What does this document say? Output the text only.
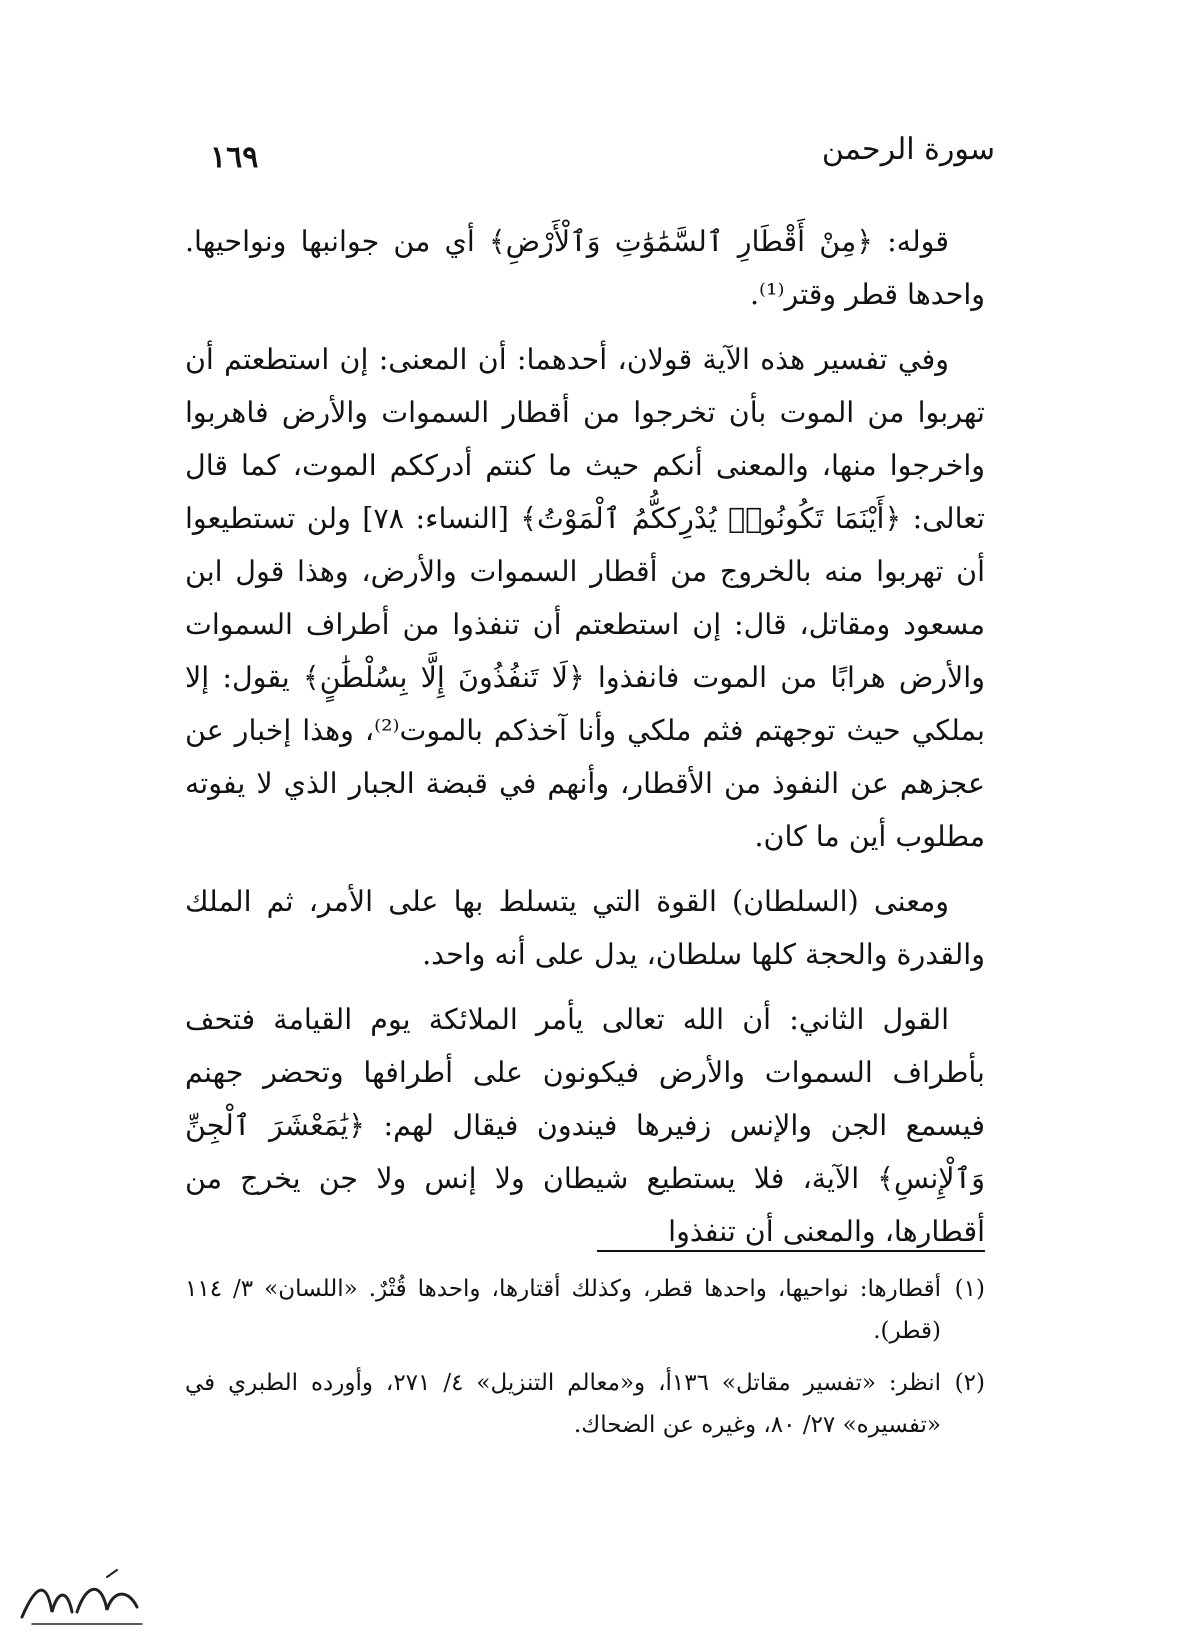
١٦٩	سورة الرحمن

قوله: ﴿مِنْ أَقْطَارِ ٱلسَّمَٰوَٰتِ وَٱلْأَرْضِ﴾ أي من جوانبها ونواحيها. واحدها قطر وقتر⁽¹⁾.

وفي تفسير هذه الآية قولان، أحدهما: أن المعنى: إن استطعتم أن تهربوا من الموت بأن تخرجوا من أقطار السموات والأرض فاهربوا واخرجوا منها، والمعنى أنكم حيث ما كنتم أدرككم الموت، كما قال تعالى: ﴿أَيْنَمَا تَكُونُوا۟ يُدْرِككُّمُ ٱلْمَوْتُ﴾ [النساء: ٧٨] ولن تستطيعوا أن تهربوا منه بالخروج من أقطار السموات والأرض، وهذا قول ابن مسعود ومقاتل، قال: إن استطعتم أن تنفذوا من أطراف السموات والأرض هرابًا من الموت فانفذوا ﴿لَا تَنفُذُونَ إِلَّا بِسُلْطَٰنٍ﴾ يقول: إلا بملكي حيث توجهتم فثم ملكي وأنا آخذكم بالموت⁽²⁾، وهذا إخبار عن عجزهم عن النفوذ من الأقطار، وأنهم في قبضة الجبار الذي لا يفوته مطلوب أين ما كان.

ومعنى (السلطان) القوة التي يتسلط بها على الأمر، ثم الملك والقدرة والحجة كلها سلطان، يدل على أنه واحد.

القول الثاني: أن الله تعالى يأمر الملائكة يوم القيامة فتحف بأطراف السموات والأرض فيكونون على أطرافها وتحضر جهنم فيسمع الجن والإنس زفيرها فيندون فيقال لهم: ﴿يَٰمَعْشَرَ ٱلْجِنِّ وَٱلْإِنسِ﴾ الآية، فلا يستطيع شيطان ولا إنس ولا جن يخرج من أقطارها، والمعنى أن تنفذوا

(١)
أقطارها: نواحيها، واحدها قطر، وكذلك أقتارها، واحدها قُتْرٌ. «اللسان» ٣/ ١١٤ (قطر).
(٢)
انظر: «تفسير مقاتل» ١٣٦أ، و«معالم التنزيل» ٤/ ٢٧١، وأورده الطبري في «تفسيره» ٢٧/ ٨٠، وغيره عن الضحاك.
